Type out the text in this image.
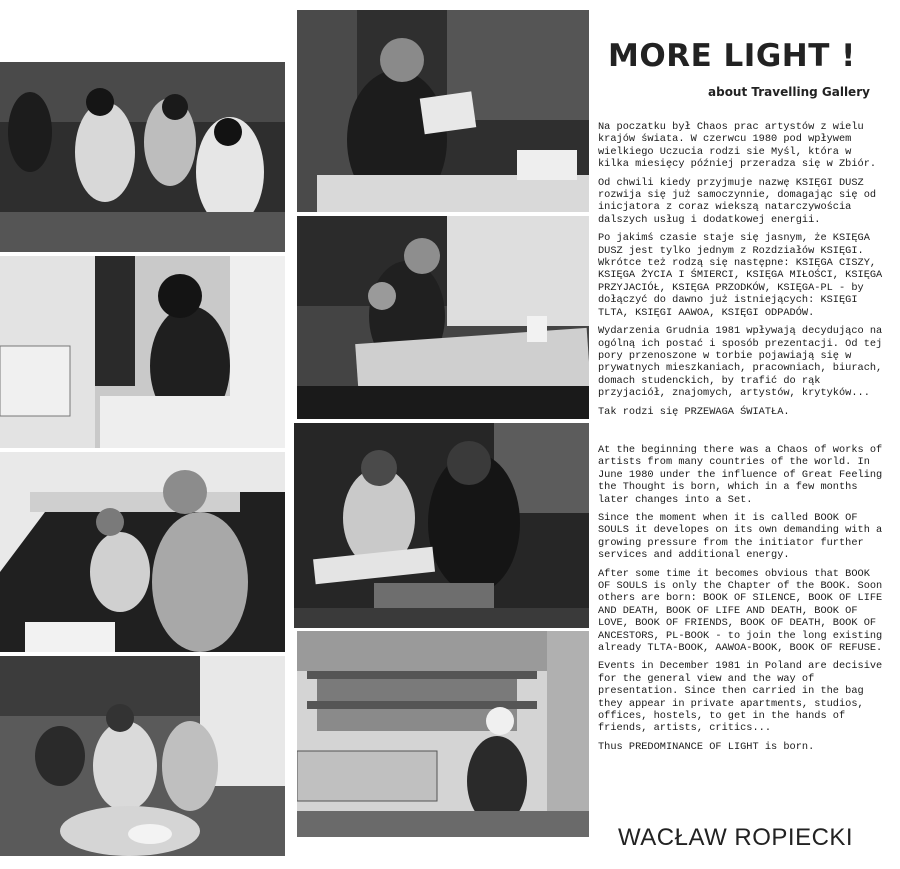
MORE LIGHT !
about Travelling Gallery

Na poczatku był Chaos prac artystów z wielu krajów świata. W czerwcu 1980 pod wpływem wielkiego Uczucia rodzi sie Myśl, która w kilka miesięcy później przeradza się w Zbiór.

Od chwili kiedy przyjmuje nazwę KSIĘGI DUSZ rozwija się już samoczynnie, domagając się od inicjatora z coraz wiekszą natarczywościa dalszych usług i dodatkowej energii.

Po jakimś czasie staje się jasnym, że KSIĘGA DUSZ jest tylko jednym z Rozdziałów KSIĘGI. Wkrótce też rodzą się następne: KSIĘGA CISZY, KSIĘGA ŻYCIA I ŚMIERCI, KSIĘGA MIŁOŚCI, KSIĘGA PRZYJACIÓŁ, KSIĘGA PRZODKÓW, KSIĘGA-PL - by dołączyć do dawno już istniejących: KSIĘGI TLTA, KSIĘGI AAWOA, KSIĘGI ODPADÓW.

Wydarzenia Grudnia 1981 wpływają decydująco na ogólną ich postać i sposób prezentacji. Od tej pory przenoszone w torbie pojawiają się w prywatnych mieszkaniach, pracowniach, biurach, domach studenckich, by trafić do rąk przyjaciół, znajomych, artystów, krytyków...

Tak rodzi się PRZEWAGA ŚWIATŁA.

At the beginning there was a Chaos of works of artists from many countries of the world. In June 1980 under the influence of Great Feeling the Thought is born, which in a few months later changes into a Set.

Since the moment when it is called BOOK OF SOULS it developes on its own demanding with a growing pressure from the initiator further services and additional energy.

After some time it becomes obvious that BOOK OF SOULS is only the Chapter of the BOOK. Soon others are born: BOOK OF SILENCE, BOOK OF LIFE AND DEATH, BOOK OF LIFE AND DEATH, BOOK OF LOVE, BOOK OF FRIENDS, BOOK OF DEATH, BOOK OF ANCESTORS, PL-BOOK - to join the long existing already TLTA-BOOK, AAWOA-BOOK, BOOK OF REFUSE.

Events in December 1981 in Poland are decisive for the general view and the way of presentation. Since then carried in the bag they appear in private apartments, studios, offices, hostels, to get in the hands of friends, artists, critics...

Thus PREDOMINANCE OF LIGHT is born.

WACŁAW ROPIECKI
